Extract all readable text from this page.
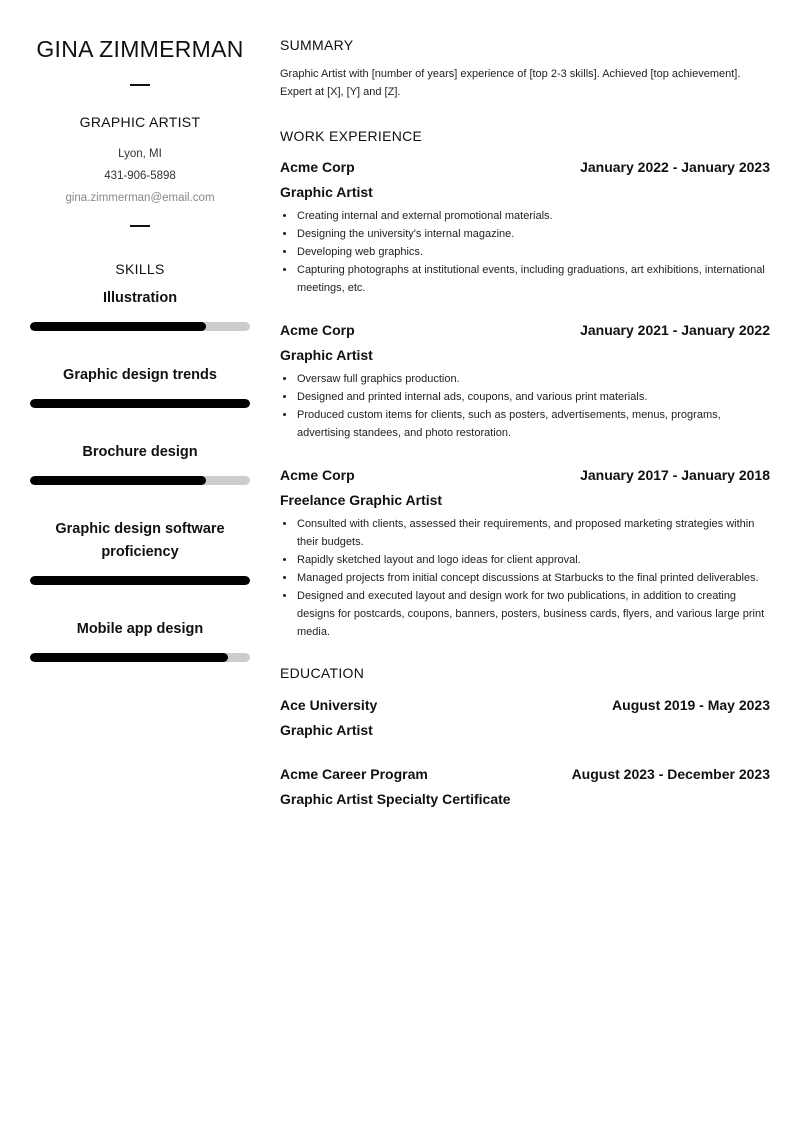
GINA ZIMMERMAN
GRAPHIC ARTIST
Lyon, MI
431-906-5898
gina.zimmerman@email.com
SKILLS
Illustration
Graphic design trends
Brochure design
Graphic design software proficiency
Mobile app design
SUMMARY
Graphic Artist with [number of years] experience of [top 2-3 skills]. Achieved [top achievement]. Expert at [X], [Y] and [Z].
WORK EXPERIENCE
Acme Corp	January 2022 - January 2023
Graphic Artist
• Creating internal and external promotional materials.
• Designing the university's internal magazine.
• Developing web graphics.
• Capturing photographs at institutional events, including graduations, art exhibitions, international meetings, etc.
Acme Corp	January 2021 - January 2022
Graphic Artist
• Oversaw full graphics production.
• Designed and printed internal ads, coupons, and various print materials.
• Produced custom items for clients, such as posters, advertisements, menus, programs, advertising standees, and photo restoration.
Acme Corp	January 2017 - January 2018
Freelance Graphic Artist
• Consulted with clients, assessed their requirements, and proposed marketing strategies within their budgets.
• Rapidly sketched layout and logo ideas for client approval.
• Managed projects from initial concept discussions at Starbucks to the final printed deliverables.
• Designed and executed layout and design work for two publications, in addition to creating designs for postcards, coupons, banners, posters, business cards, flyers, and various large print media.
EDUCATION
Ace University	August 2019 - May 2023
Graphic Artist
Acme Career Program	August 2023 - December 2023
Graphic Artist Specialty Certificate
